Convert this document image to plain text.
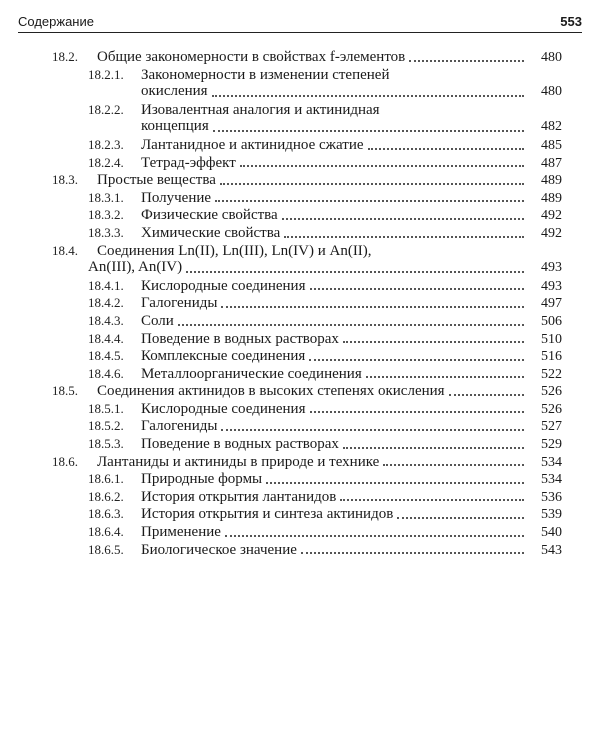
Содержание	553
18.2.	Общие закономерности в свойствах f-элементов	480
18.2.1.	Закономерности в изменении степеней
окисления	480
18.2.2.	Изовалентная аналогия и актинидная
концепция	482
18.2.3.	Лантанидное и актинидное сжатие	485
18.2.4.	Тетрад-эффект	487
18.3.	Простые вещества	489
18.3.1.	Получение	489
18.3.2.	Физические свойства	492
18.3.3.	Химические свойства	492
18.4.	Соединения Ln(II), Ln(III), Ln(IV) и An(II),
An(III), An(IV)	493
18.4.1.	Кислородные соединения	493
18.4.2.	Галогениды	497
18.4.3.	Соли	506
18.4.4.	Поведение в водных растворах	510
18.4.5.	Комплексные соединения	516
18.4.6.	Металлоорганические соединения	522
18.5.	Соединения актинидов в высоких степенях окисления	526
18.5.1.	Кислородные соединения	526
18.5.2.	Галогениды	527
18.5.3.	Поведение в водных растворах	529
18.6.	Лантаниды и актиниды в природе и технике	534
18.6.1.	Природные формы	534
18.6.2.	История открытия лантанидов	536
18.6.3.	История открытия и синтеза актинидов	539
18.6.4.	Применение	540
18.6.5.	Биологическое значение	543
